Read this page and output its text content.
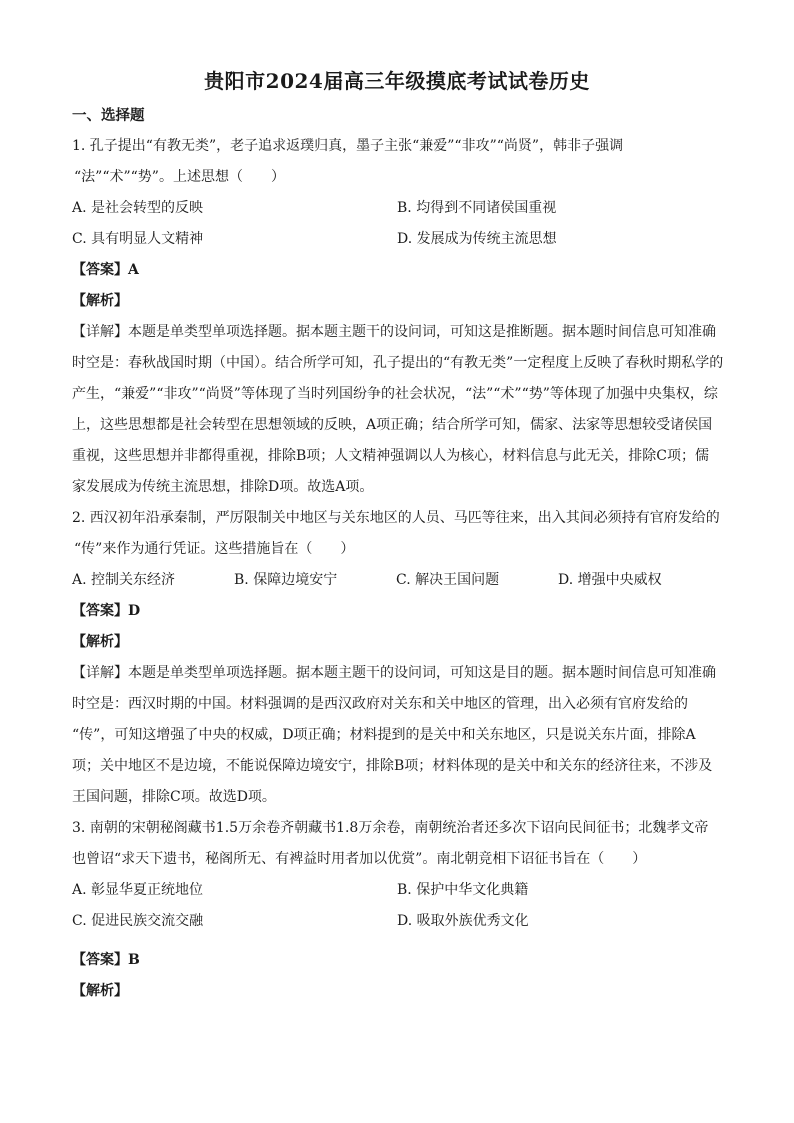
贵阳市2024届高三年级摸底考试试卷历史
一、选择题
1. 孔子提出“有教无类”，老子追求返璞归真，墨子主张“兼爱”“非攻”“尚贤”，韩非子强调
“法”“术”“势”。上述思想（　　）
A. 是社会转型的反映	B. 均得到不同诸侯国重视
C. 具有明显人文精神	D. 发展成为传统主流思想
【答案】A
【解析】
【详解】本题是单类型单项选择题。据本题主题干的设问词，可知这是推断题。据本题时间信息可知准确
时空是：春秋战国时期（中国）。结合所学可知，孔子提出的“有教无类”一定程度上反映了春秋时期私学的
产生，“兼爱”“非攻”“尚贤”等体现了当时列国纷争的社会状况，“法”“术”“势”等体现了加强中央集权，综
上，这些思想都是社会转型在思想领域的反映，A项正确；结合所学可知，儒家、法家等思想较受诸侯国
重视，这些思想并非都得重视，排除B项；人文精神强调以人为核心，材料信息与此无关，排除C项；儒
家发展成为传统主流思想，排除D项。故选A项。
2. 西汉初年沿承秦制，严厉限制关中地区与关东地区的人员、马匹等往来，出入其间必须持有官府发给的
“传”来作为通行凭证。这些措施旨在（　　）
A. 控制关东经济	B. 保障边境安宁	C. 解决王国问题	D. 增强中央威权
【答案】D
【解析】
【详解】本题是单类型单项选择题。据本题主题干的设问词，可知这是目的题。据本题时间信息可知准确
时空是：西汉时期的中国。材料强调的是西汉政府对关东和关中地区的管理，出入必须有官府发给的
“传”，可知这增强了中央的权威，D项正确；材料提到的是关中和关东地区，只是说关东片面，排除A
项；关中地区不是边境，不能说保障边境安宁，排除B项；材料体现的是关中和关东的经济往来，不涉及
王国问题，排除C项。故选D项。
3. 南朝的宋朝秘阁藏书1.5万余卷齐朝藏书1.8万余卷，南朝统治者还多次下诏向民间征书；北魏孝文帝
也曾诏“求天下遗书，秘阁所无、有裨益时用者加以优赏”。南北朝竞相下诏征书旨在（　　）
A. 彰显华夏正统地位	B. 保护中华文化典籍
C. 促进民族交流交融	D. 吸取外族优秀文化
【答案】B
【解析】
